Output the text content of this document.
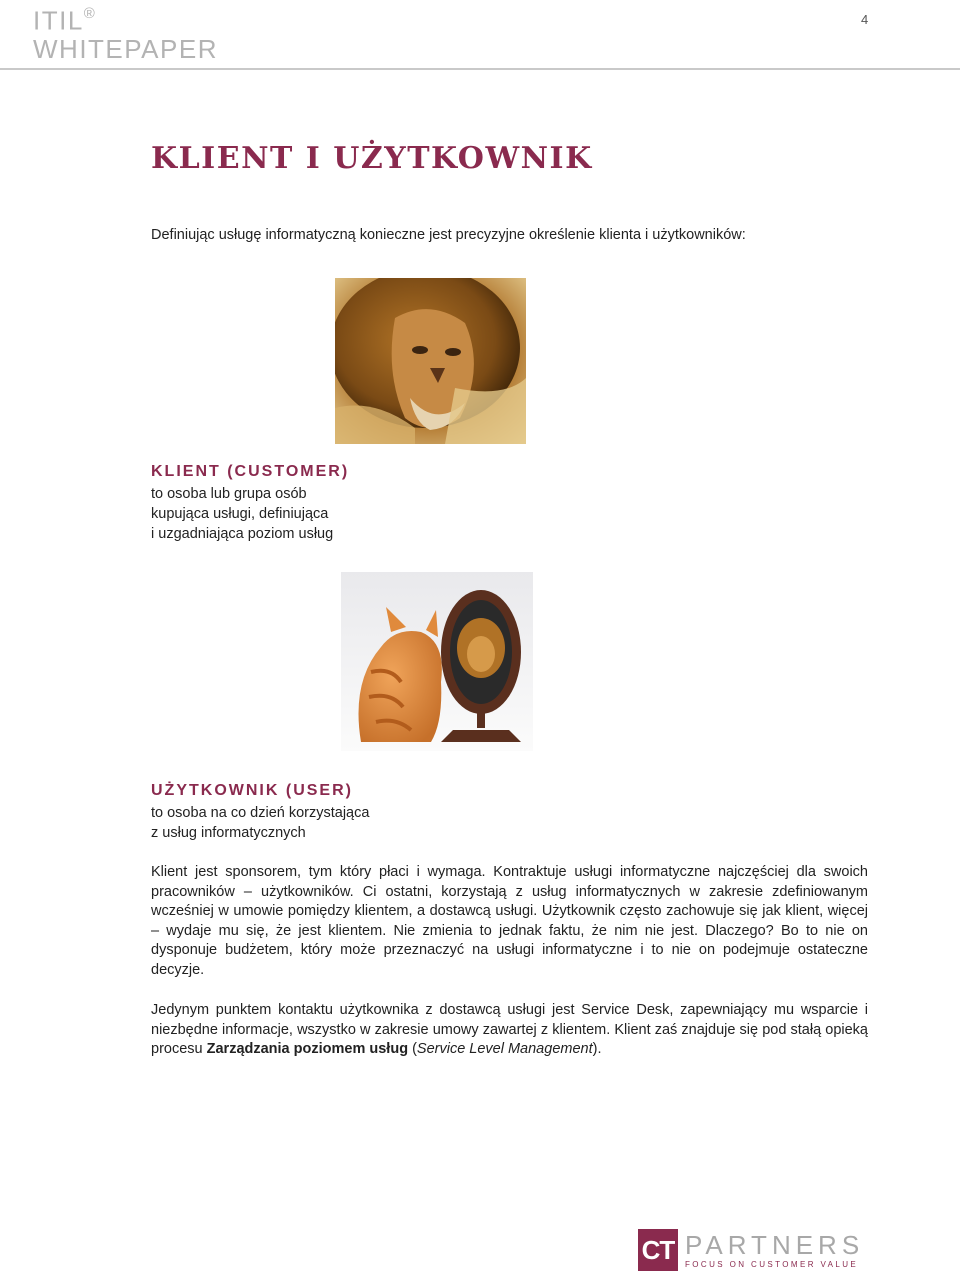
ITIL®
WHITEPAPER
4
KLIENT I UŻYTKOWNIK
Definiując usługę informatyczną konieczne jest precyzyjne określenie klienta i użytkowników:
KLIENT (CUSTOMER)
to osoba lub grupa osób
kupująca usługi, definiująca
i uzgadniająca poziom usług
UŻYTKOWNIK (USER)
to osoba na co dzień korzystająca
z usług informatycznych

Klient jest sponsorem, tym który płaci i wymaga. Kontraktuje usługi informatyczne najczęściej dla swoich pracowników – użytkowników. Ci ostatni, korzystają z usług informatycznych w zakresie zdefiniowanym wcześniej w umowie pomiędzy klientem, a dostawcą usługi. Użytkownik często zachowuje się jak klient, więcej – wydaje mu się, że jest klientem. Nie zmienia to jednak faktu, że nim nie jest. Dlaczego? Bo to nie on dysponuje budżetem, który może przeznaczyć na usługi informatyczne i to nie on podejmuje ostateczne decyzje.

Jedynym punktem kontaktu użytkownika z dostawcą usługi jest Service Desk, zapewniający mu wsparcie i niezbędne informacje, wszystko w zakresie umowy zawartej z klientem. Klient zaś znajduje się pod stałą opieką procesu Zarządzania poziomem usług (Service Level Management).

CT PARTNERS
FOCUS ON CUSTOMER VALUE
